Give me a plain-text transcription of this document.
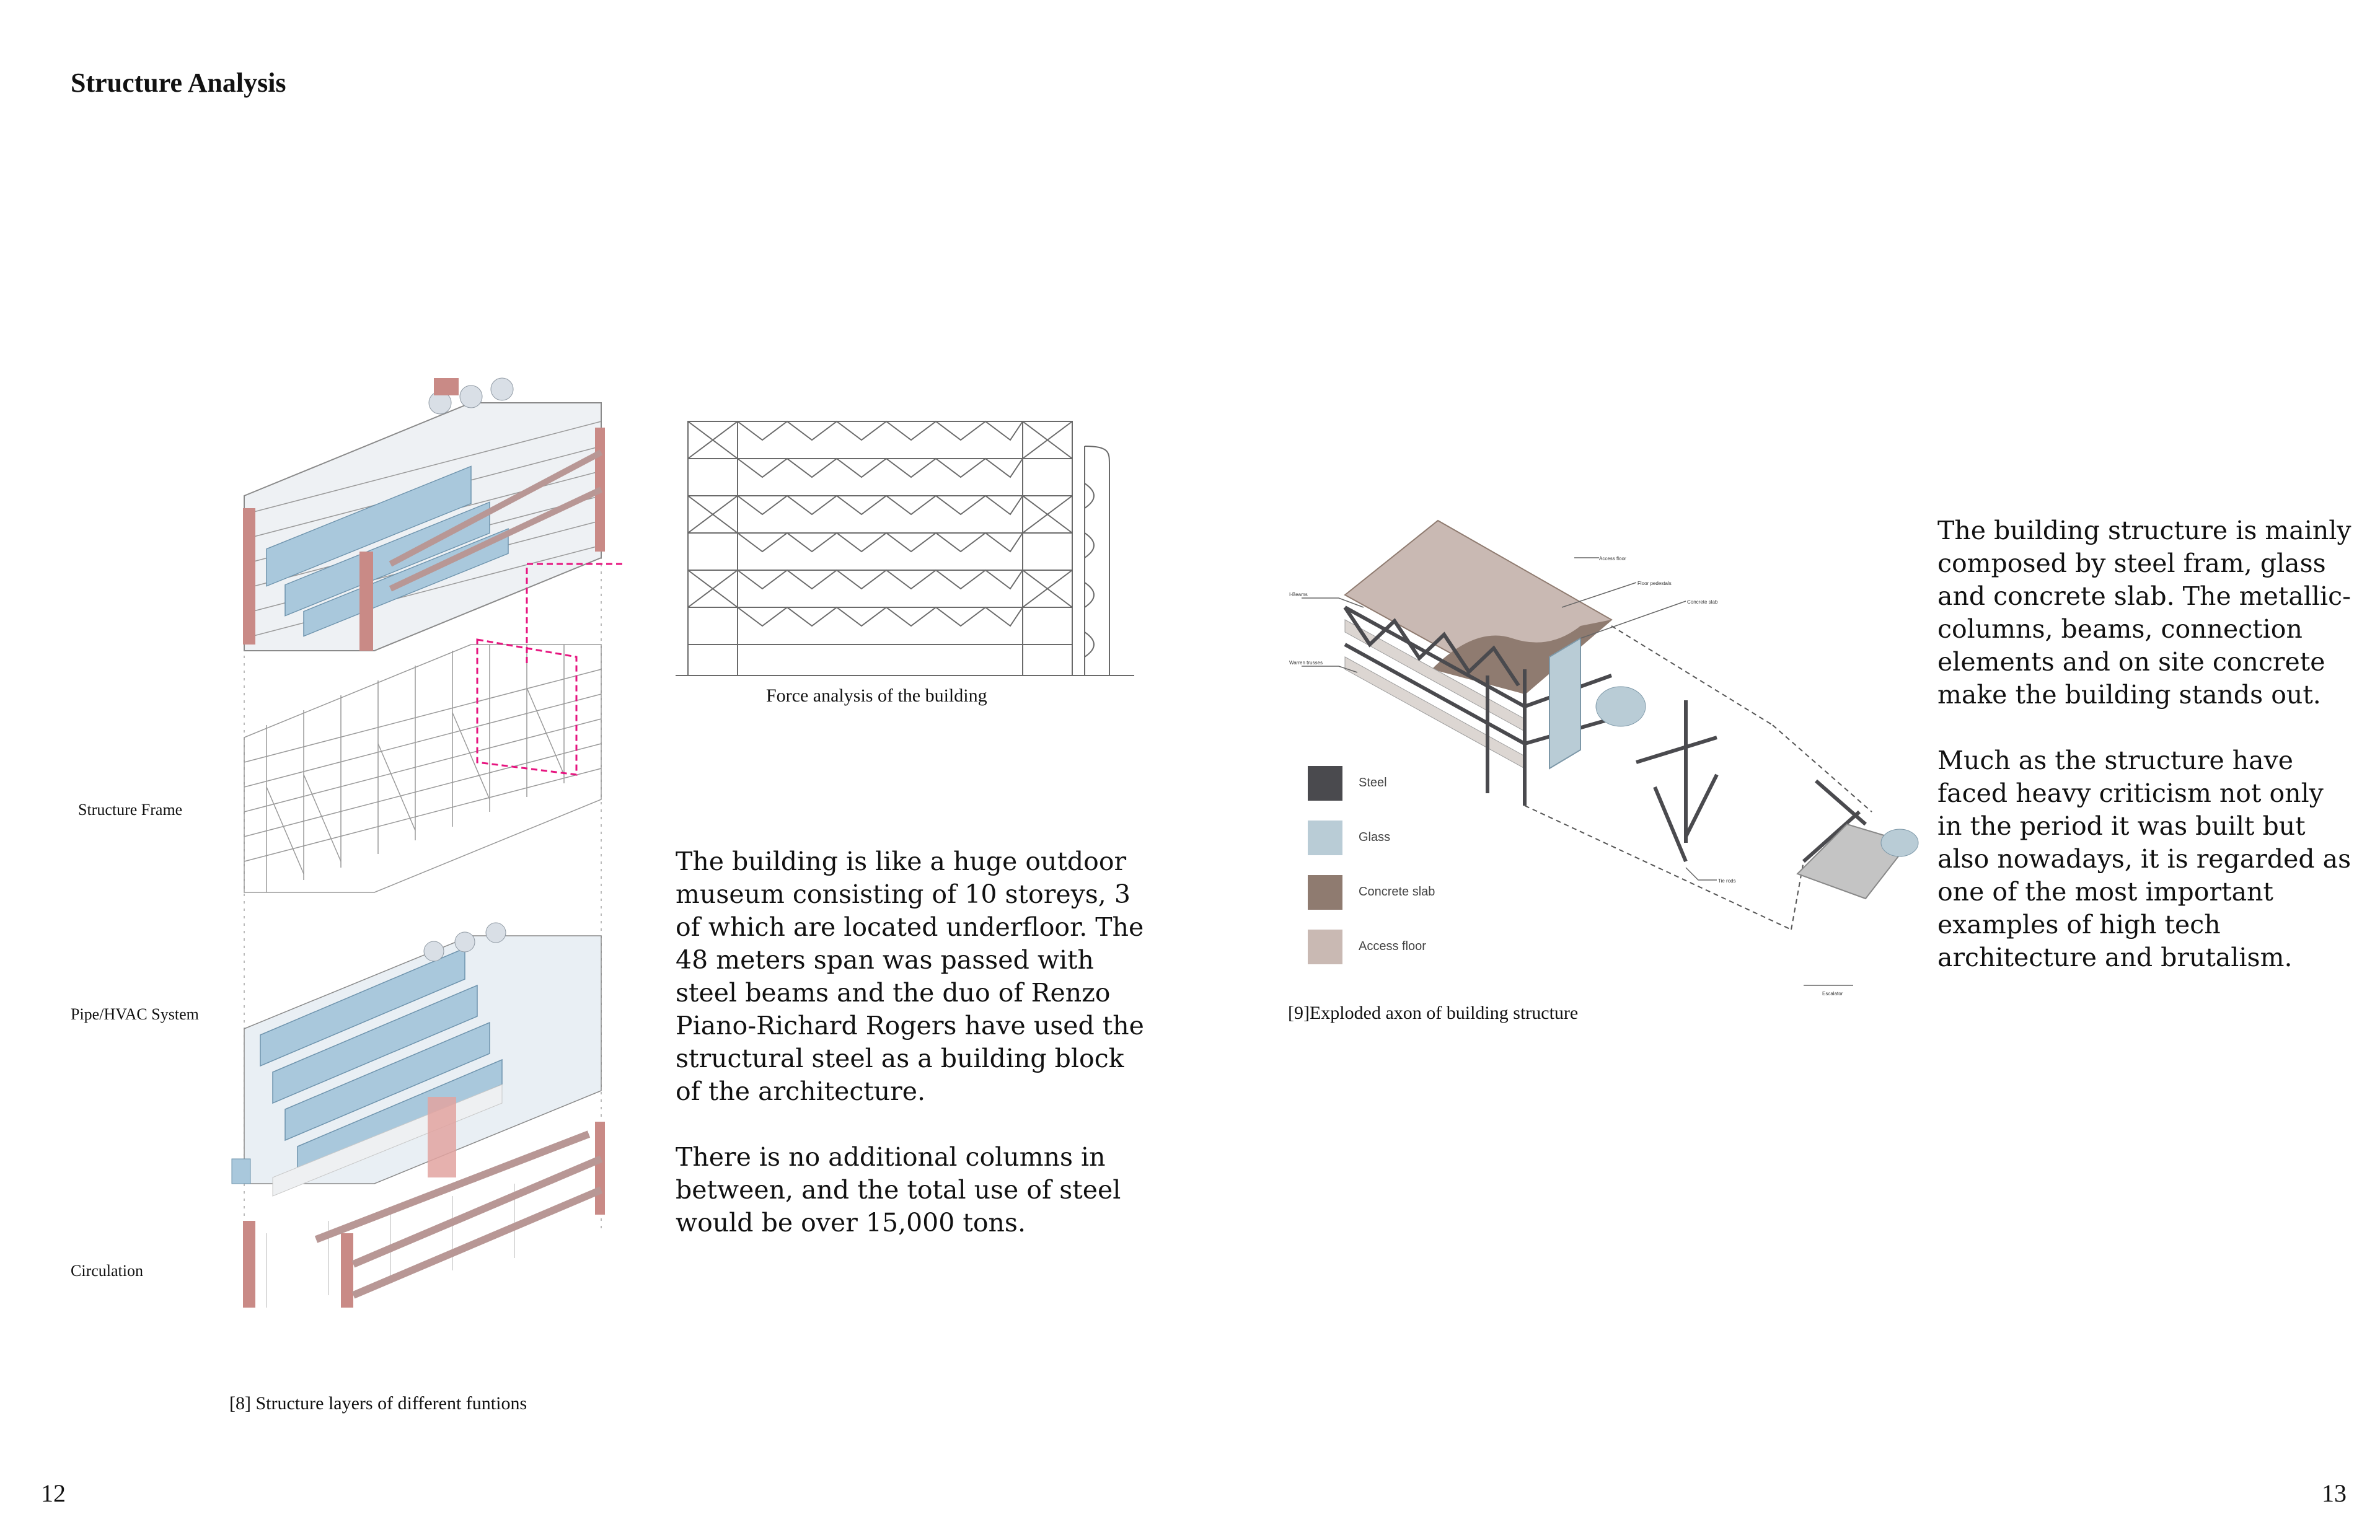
Structure Analysis
Structure Frame
Pipe/HVAC System
Circulation
[8] Structure layers of different funtions
Force analysis of the building

The building is like a huge outdoor museum consisting of 10 storeys, 3 of which are located underfloor. The 48 meters span was passed with steel beams and the duo of Renzo Piano-Richard Rogers have used the structural steel as a building block of the architecture.

There is no additional columns in between, and the total use of steel would be over 15,000 tons.

12
Access floor
Floor pedestals
Concrete slab
I-Beams
Warren trusses
Tie rods
Escalator
Steel
Glass
Concrete slab
Access floor
[9]Exploded axon of building structure

The building structure is mainly composed by steel fram, glass and concrete slab. The metallic-columns, beams, connection elements and on site concrete make the building stands out.

Much as the structure have faced heavy criticism not only in the period it was built but also nowadays, it is regarded as one of the most important examples of high tech architecture and brutalism.

13
